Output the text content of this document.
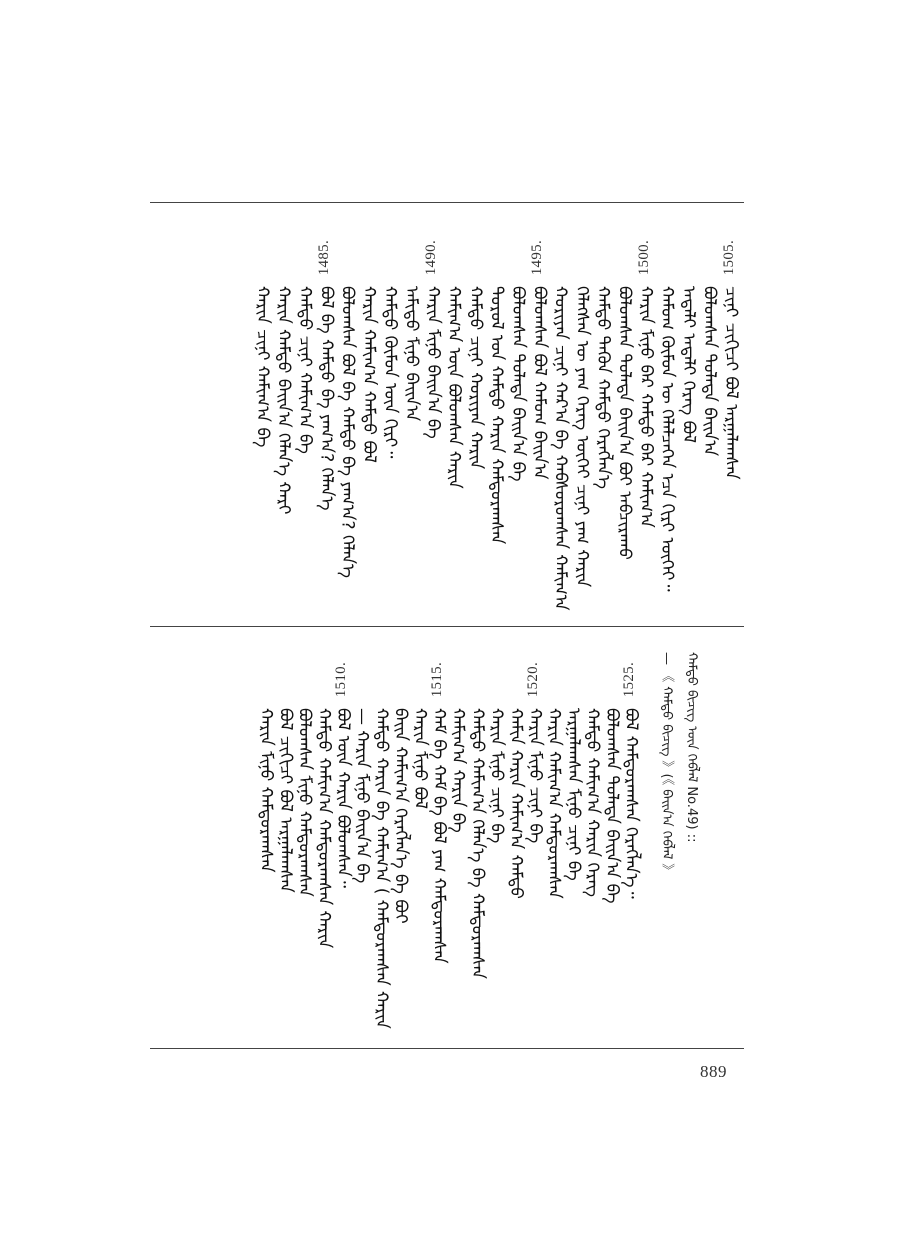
1505.
ᠴᠢᠨᠢ ᠴᠢᠭᠢᠴᠢ ᠪᠣᠯ ᠠᠷᠭᠠᠯᠠᠭᠰᠠᠨ
ᠪᠤᠯᠤᠭᠰᠠᠨ ᠲᠤᠯᠠᠳᠠ ᠪᠠᠢᠨ᠎ᠠ
ᠠᠳᠠᠯᠢ ᠠᠳᠠᠯᠢ ᠬᠡᠷᠡᠭ ᠪᠣᠯ
ᠬᠠᠮᠤᠭ ᠬᠦᠮᠦᠨ ᠦ ᠬᠡᠯᠡᠯᠴᠡᠭᠡᠨ ᠡᠴᠡ ᠬᠢᠷᠢ ᠦᠭᠡᠢ᠃
1500.
ᠬᠠᠷᠢᠨ ᠮᠢᠨᠦ ᠪᠡᠷ ᠬᠠᠮᠲᠤ ᠪᠡᠷ ᠬᠠᠮᠢᠭ᠎ᠠ
ᠪᠤᠯᠤᠭᠰᠠᠨ ᠲᠤᠯᠠᠳᠠ ᠪᠠᠢᠨ᠎ᠠ ᠪᠤᠢ ᠠᠪᠴᠢᠷᠠᠬᠤ
ᠬᠠᠮᠲᠤ ᠲᠡᠭᠦᠨ ᠬᠠᠮᠲᠤ ᠬᠡᠷᠡᠭᠯᠡᠨ᠎ᠡ
ᠬᠡᠯᠡᠭᠰᠡᠨ ᠦ ᠶᠠᠭ ᠬᠡᠷᠡᠭ ᠦᠭᠡᠢ ᠴᠢᠨᠢ ᠶᠠᠭ ᠬᠠᠷᠢᠨ
ᠬᠤᠷᠢᠶᠠᠨ ᠴᠢᠨᠢ ᠬᠠᠷ᠎ᠠ ᠪᠠ ᠬᠠᠪᠰᠤᠷᠤᠭᠰᠠᠨ ᠬᠠᠮᠢᠭ᠎ᠠ
1495.
ᠪᠤᠯᠤᠭᠰᠠᠨ ᠪᠣᠯ ᠬᠠᠮᠤᠭ ᠪᠠᠢᠨ᠎ᠠ
ᠪᠤᠯᠤᠭᠰᠠᠨ ᠲᠤᠯᠠᠳᠠ ᠪᠠᠢᠨ᠎ᠠ ᠪᠠ
ᠲᠤᠷᠤᠯ ᠤᠨ ᠬᠠᠮᠲᠤ ᠬᠠᠷᠢᠨ ᠬᠠᠮᠲᠤᠷᠠᠭᠰᠠᠨ
ᠬᠠᠮᠲᠤ ᠴᠢᠨᠢ ᠬᠤᠷᠢᠶᠠᠨ ᠬᠠᠷᠢᠨ
ᠬᠠᠮᠢᠭ᠎ᠠ ᠦᠨ ᠪᠤᠯᠤᠭᠰᠠᠨ ᠬᠠᠷᠢᠨ
1490.
ᠬᠠᠷᠢᠨ ᠮᠢᠨᠦ ᠪᠠᠢᠨ᠎ᠠ ᠪᠠ
ᠠᠮᠢᠳᠤ ᠮᠢᠨᠦ ᠪᠠᠢᠨ᠎ᠠ
ᠬᠠᠮᠲᠤ ᠬᠦᠮᠦᠨ ᠦᠨ ᠬᠢᠷᠢ᠃
ᠬᠠᠷᠢᠨ ᠬᠠᠮᠢᠭ᠎ᠠ ᠬᠠᠮᠲᠤ ᠪᠣᠯ
ᠪᠤᠯᠤᠭᠰᠠᠨ ᠪᠣᠯ ᠪᠠ ᠬᠠᠮᠲᠤ ᠪᠠ ᠶᠠᠭ᠎ᠠ? ᠬᠡᠯᠡᠨ᠎ᠡ
1485.
ᠪᠣᠯ ᠪᠠ ᠬᠠᠮᠲᠤ ᠪᠠ ᠶᠠᠭ᠎ᠠ? ᠬᠡᠯᠡᠨ᠎ᠡ
ᠬᠠᠮᠲᠤ ᠴᠢᠨᠢ ᠬᠠᠮᠢᠭ᠎ᠠ ᠪᠠ
ᠬᠠᠷᠢᠨ ᠬᠠᠮᠲᠤ ᠪᠠᠢᠨ᠎ᠠ ᠬᠡᠯᠡᠨ᠎ᠡ ᠬᠠᠷᠢ
ᠬᠠᠷᠢᠨ ᠴᠢᠨᠢ ᠬᠠᠮᠢᠭ᠎ᠠ ᠪᠠ
1525.
ᠪᠤᠯ ᠬᠠᠮᠲᠤᠷᠠᠭᠰᠠᠨ ᠬᠡᠷᠡᠭᠯᠡᠨ᠎ᠡ᠃
ᠪᠤᠯᠤᠭᠰᠠᠨ ᠲᠤᠯᠠᠳᠠ ᠪᠠᠢᠨ᠎ᠠ ᠪᠠ
ᠬᠠᠮᠲᠤ ᠬᠠᠮᠢᠭ᠎ᠠ ᠬᠠᠷᠢᠨ ᠬᠡᠷᠡᠭ
ᠠᠷᠭᠠᠯᠠᠭᠰᠠᠨ ᠮᠢᠨᠦ ᠴᠢᠨᠢ ᠪᠠ
ᠬᠠᠷᠢᠨ ᠬᠠᠮᠢᠭ᠎ᠠ ᠬᠠᠮᠲᠤᠷᠠᠭᠰᠠᠨ
1520.
ᠬᠠᠷᠢᠨ ᠮᠢᠨᠦ ᠴᠢᠨᠢ ᠪᠠ
ᠬᠠᠮᠢᠨ ᠬᠠᠷᠢᠨ ᠬᠠᠮᠢᠭ᠎ᠠ ᠬᠠᠮᠲᠤ
ᠬᠠᠷᠢᠨ ᠮᠢᠨᠦ ᠴᠢᠨᠢ ᠪᠠ
ᠬᠠᠮᠲᠤ ᠬᠠᠮᠢᠭ᠎ᠠ ᠬᠡᠯᠡᠨ᠎ᠡ ᠪᠠ ᠬᠠᠮᠲᠤᠷᠠᠭᠰᠠᠨ
ᠬᠠᠮᠢᠭ᠎ᠠ ᠬᠠᠷᠢᠨ ᠪᠠ
1515.
ᠬᠠᠮ ᠪᠠ ᠬᠠᠮ ᠪᠠ ᠪᠣᠯ ᠶᠠᠭ ᠬᠠᠮᠲᠤᠷᠠᠭᠰᠠᠨ
ᠬᠠᠷᠢᠨ ᠮᠢᠨᠦ ᠪᠣᠯ
ᠪᠠᠢᠨ ᠬᠠᠮᠢᠭ᠎ᠠ ᠬᠡᠷᠡᠭᠯᠡᠨ᠎ᠡ ᠪᠠ ᠪᠤᠢ
ᠬᠠᠮᠲᠤ ᠬᠠᠷᠢᠨ ᠪᠠ ᠬᠠᠮᠢᠭ᠎ᠠ ( ᠬᠠᠮᠲᠤᠷᠠᠭᠰᠠᠨ ᠬᠠᠷᠢᠨ
— ᠬᠠᠷᠢᠨ ᠮᠢᠨᠦ ᠪᠠᠢᠨ᠎ᠠ ᠪᠠ
1510.
ᠪᠣᠯ ᠦᠨ ᠬᠠᠷᠢᠨ ᠪᠤᠯᠤᠭᠰᠠᠨ᠃
ᠬᠠᠮᠲᠤ ᠬᠠᠮᠢᠭ᠎ᠠ ᠬᠠᠮᠲᠤᠷᠠᠭᠰᠠᠨ ᠬᠠᠷᠢᠨ
ᠪᠤᠯᠤᠭᠰᠠᠨ ᠮᠢᠨᠦ ᠬᠠᠮᠲᠤᠷᠠᠭᠰᠠᠨ
ᠪᠣᠯ ᠴᠢᠭᠢᠴᠢ ᠪᠣᠯ ᠠᠷᠭᠠᠯᠠᠭᠰᠠᠨ
ᠬᠠᠷᠢᠨ ᠮᠢᠨᠦ ᠬᠠᠮᠲᠤᠷᠠᠭᠰᠠᠨ	ᠬᠠᠮᠲᠤ ᠪᠢᠴᠢᠭ ᠦᠨ ᠬᠡᠪᠯᠡᠯ No.49) ::
— 《 ᠬᠠᠮᠲᠤ ᠪᠢᠴᠢᠭ 》(《 ᠪᠠᠢᠨ᠎ᠠ ᠬᠡᠪᠯᠡᠯ 》
889
